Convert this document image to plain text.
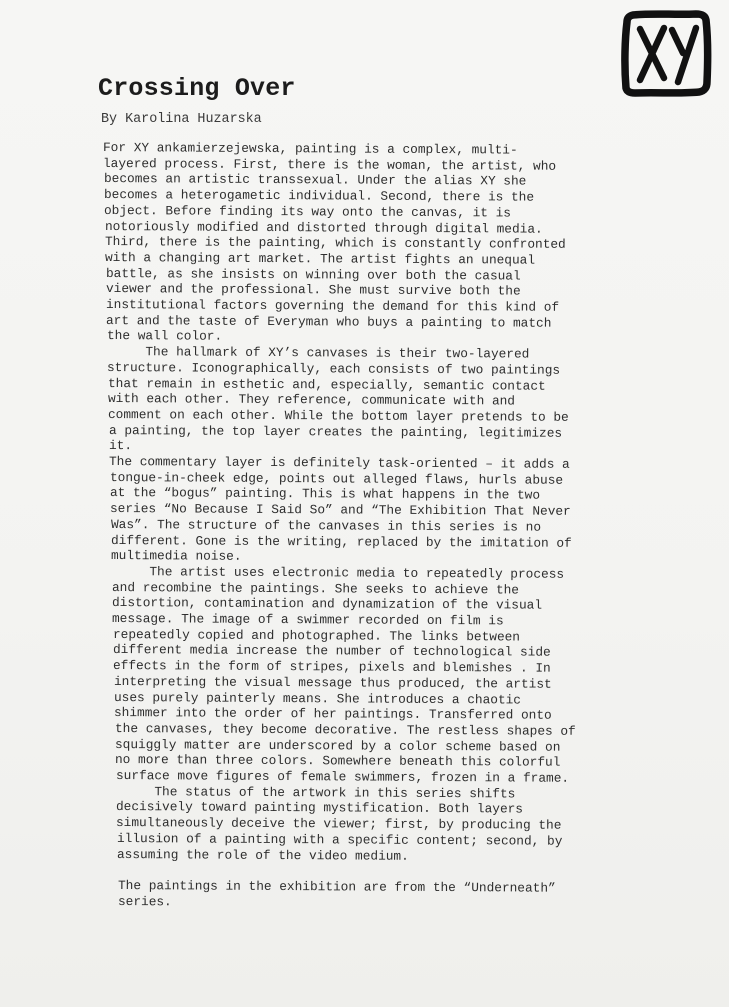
Crossing Over

By Karolina Huzarska

For XY ankamierzejewska, painting is a complex, multi-
layered process. First, there is the woman, the artist, who
becomes an artistic transsexual. Under the alias XY she
becomes a heterogametic individual. Second, there is the
object. Before finding its way onto the canvas, it is
notoriously modified and distorted through digital media.
Third, there is the painting, which is constantly confronted
with a changing art market. The artist fights an unequal
battle, as she insists on winning over both the casual
viewer and the professional. She must survive both the
institutional factors governing the demand for this kind of
art and the taste of Everyman who buys a painting to match
the wall color.
The hallmark of XY’s canvases is their two-layered
structure. Iconographically, each consists of two paintings
that remain in esthetic and, especially, semantic contact
with each other. They reference, communicate with and
comment on each other. While the bottom layer pretends to be
a painting, the top layer creates the painting, legitimizes
it.
The commentary layer is definitely task-oriented – it adds a
tongue-in-cheek edge, points out alleged flaws, hurls abuse
at the “bogus” painting. This is what happens in the two
series “No Because I Said So” and “The Exhibition That Never
Was”. The structure of the canvases in this series is no
different. Gone is the writing, replaced by the imitation of
multimedia noise.
The artist uses electronic media to repeatedly process
and recombine the paintings. She seeks to achieve the
distortion, contamination and dynamization of the visual
message. The image of a swimmer recorded on film is
repeatedly copied and photographed. The links between
different media increase the number of technological side
effects in the form of stripes, pixels and blemishes . In
interpreting the visual message thus produced, the artist
uses purely painterly means. She introduces a chaotic
shimmer into the order of her paintings. Transferred onto
the canvases, they become decorative. The restless shapes of
squiggly matter are underscored by a color scheme based on
no more than three colors. Somewhere beneath this colorful
surface move figures of female swimmers, frozen in a frame.
The status of the artwork in this series shifts
decisively toward painting mystification. Both layers
simultaneously deceive the viewer; first, by producing the
illusion of a painting with a specific content; second, by
assuming the role of the video medium.
The paintings in the exhibition are from the “Underneath”
series.
